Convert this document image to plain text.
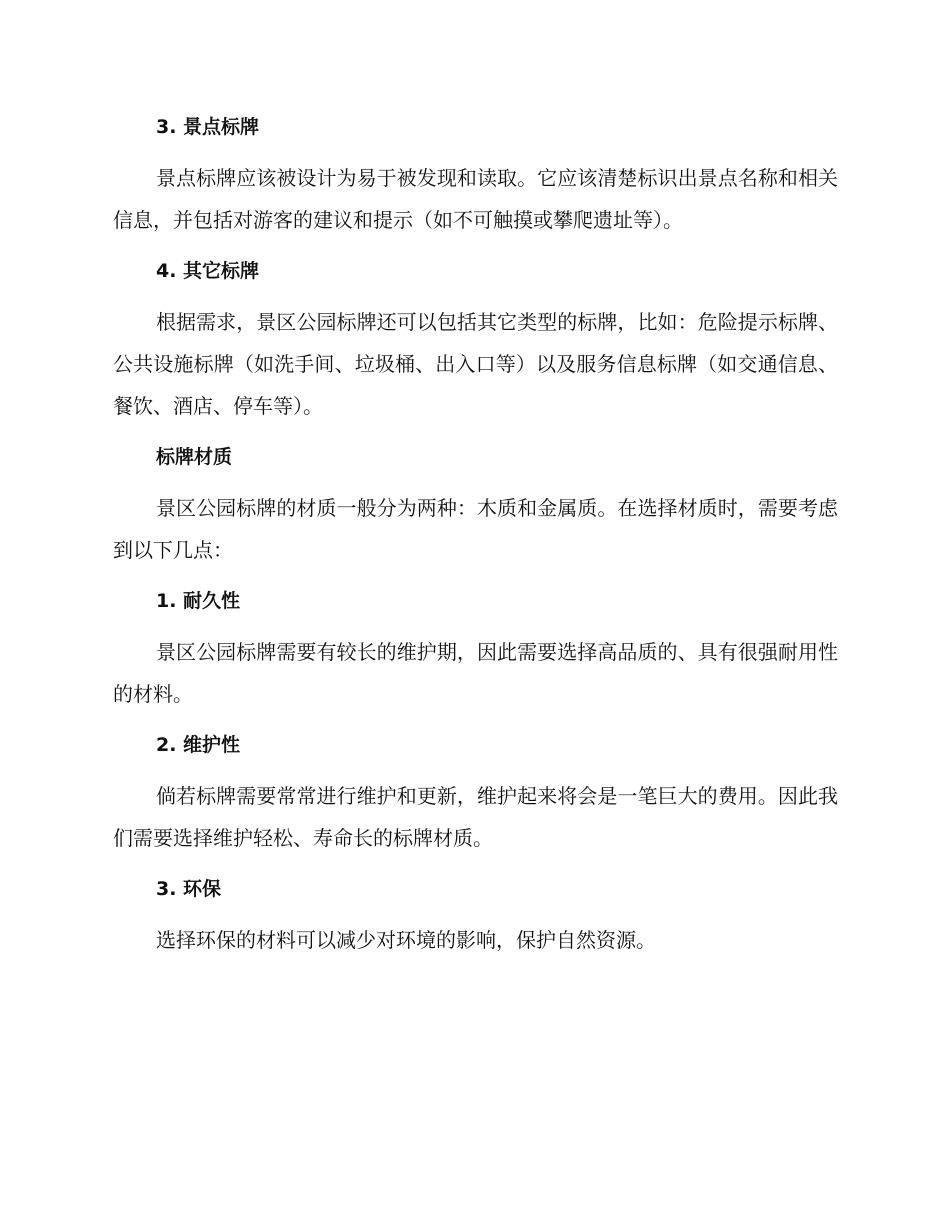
3. 景点标牌

景点标牌应该被设计为易于被发现和读取。它应该清楚标识出景点名称和相关信息，并包括对游客的建议和提示（如不可触摸或攀爬遗址等）。

4. 其它标牌

根据需求，景区公园标牌还可以包括其它类型的标牌，比如：危险提示标牌、公共设施标牌（如洗手间、垃圾桶、出入口等）以及服务信息标牌（如交通信息、餐饮、酒店、停车等）。

标牌材质

景区公园标牌的材质一般分为两种：木质和金属质。在选择材质时，需要考虑到以下几点：

1. 耐久性

景区公园标牌需要有较长的维护期，因此需要选择高品质的、具有很强耐用性的材料。

2. 维护性

倘若标牌需要常常进行维护和更新，维护起来将会是一笔巨大的费用。因此我们需要选择维护轻松、寿命长的标牌材质。

3. 环保

选择环保的材料可以减少对环境的影响，保护自然资源。
